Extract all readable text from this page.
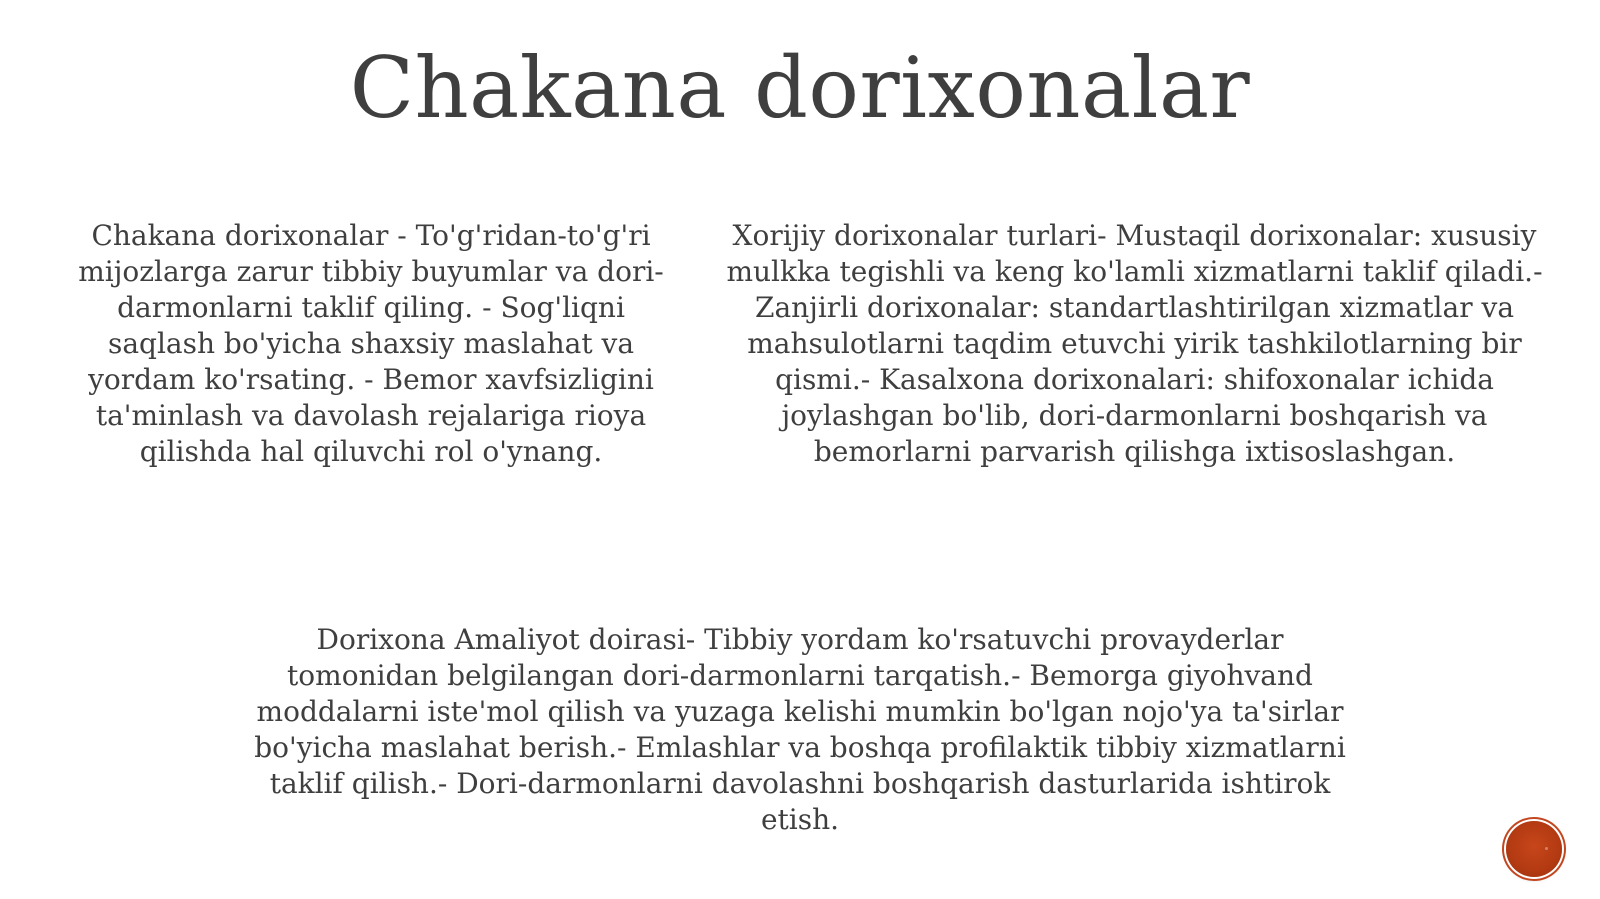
Chakana dorixonalar

Chakana dorixonalar - To'g'ridan-to'g'ri mijozlarga zarur tibbiy buyumlar va dori-darmonlarni taklif qiling. - Sog'liqni saqlash bo'yicha shaxsiy maslahat va yordam ko'rsating. - Bemor xavfsizligini ta'minlash va davolash rejalariga rioya qilishda hal qiluvchi rol o'ynang.

Xorijiy dorixonalar turlari- Mustaqil dorixonalar: xususiy mulkka tegishli va keng ko'lamli xizmatlarni taklif qiladi.- Zanjirli dorixonalar: standartlashtirilgan xizmatlar va mahsulotlarni taqdim etuvchi yirik tashkilotlarning bir qismi.- Kasalxona dorixonalari: shifoxonalar ichida joylashgan bo'lib, dori-darmonlarni boshqarish va bemorlarni parvarish qilishga ixtisoslashgan.

Dorixona Amaliyot doirasi- Tibbiy yordam ko'rsatuvchi provayderlar tomonidan belgilangan dori-darmonlarni tarqatish.- Bemorga giyohvand moddalarni iste'mol qilish va yuzaga kelishi mumkin bo'lgan nojo'ya ta'sirlar bo'yicha maslahat berish.- Emlashlar va boshqa profilaktik tibbiy xizmatlarni taklif qilish.- Dori-darmonlarni davolashni boshqarish dasturlarida ishtirok etish.
